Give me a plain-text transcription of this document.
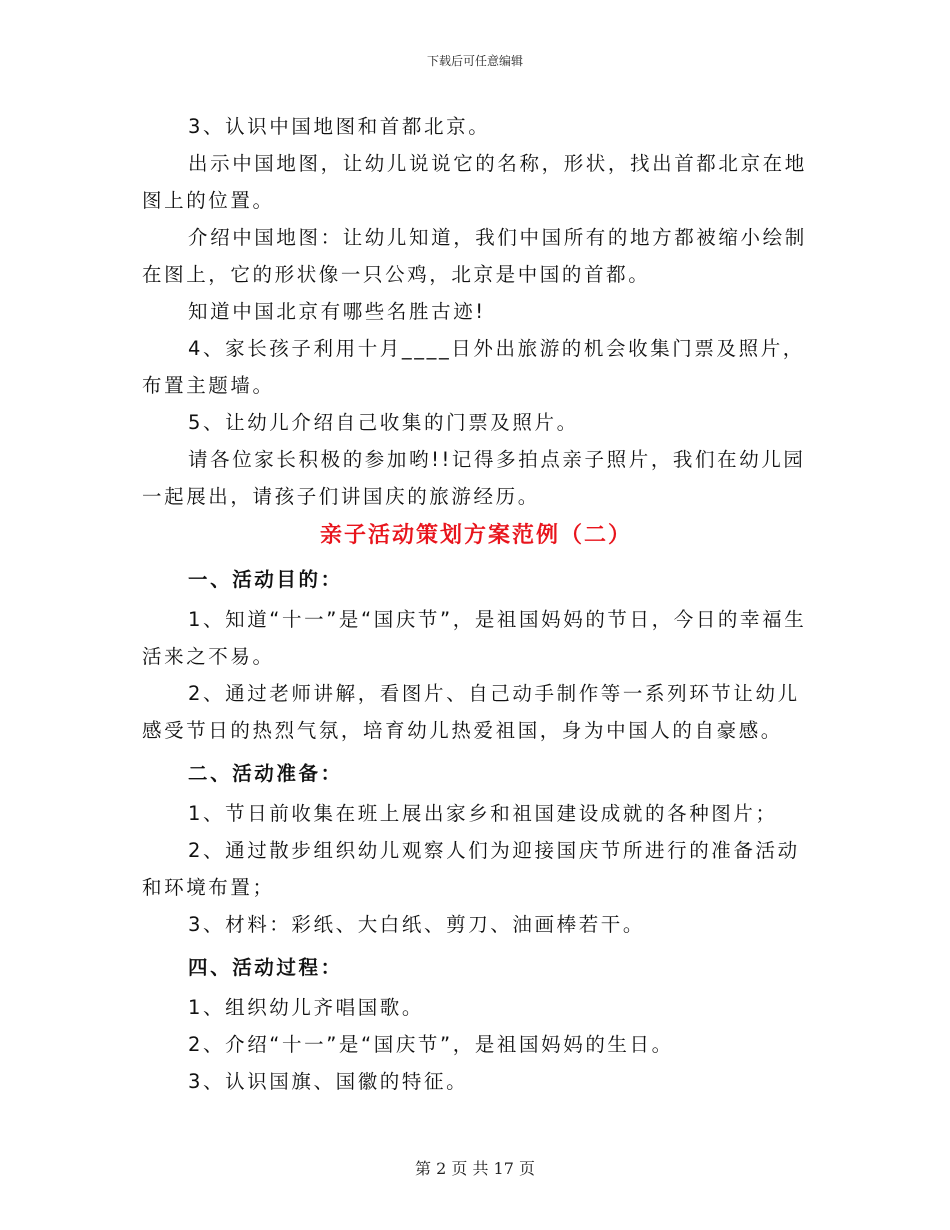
下载后可任意编辑

3、认识中国地图和首都北京。

出示中国地图，让幼儿说说它的名称，形状，找出首都北京在地图上的位置。

介绍中国地图：让幼儿知道，我们中国所有的地方都被缩小绘制在图上，它的形状像一只公鸡，北京是中国的首都。

知道中国北京有哪些名胜古迹!

4、家长孩子利用十月____日外出旅游的机会收集门票及照片，布置主题墙。

5、让幼儿介绍自己收集的门票及照片。

请各位家长积极的参加哟!!记得多拍点亲子照片，我们在幼儿园一起展出，请孩子们讲国庆的旅游经历。

亲子活动策划方案范例（二）
一、活动目的：

1、知道“十一”是“国庆节”，是祖国妈妈的节日，今日的幸福生活来之不易。

2、通过老师讲解，看图片、自己动手制作等一系列环节让幼儿感受节日的热烈气氛，培育幼儿热爱祖国，身为中国人的自豪感。

二、活动准备：

1、节日前收集在班上展出家乡和祖国建设成就的各种图片；

2、通过散步组织幼儿观察人们为迎接国庆节所进行的准备活动和环境布置；

3、材料：彩纸、大白纸、剪刀、油画棒若干。

四、活动过程：

1、组织幼儿齐唱国歌。

2、介绍“十一”是“国庆节”，是祖国妈妈的生日。

3、认识国旗、国徽的特征。

第 2 页 共 17 页
